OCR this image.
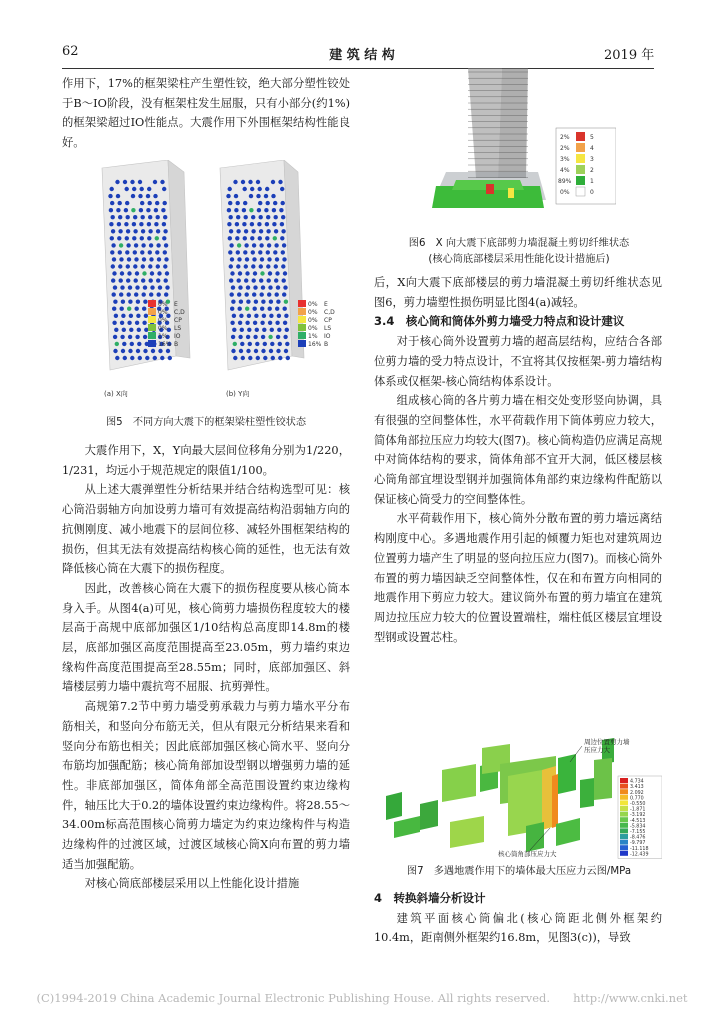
62	建 筑 结 构	2019 年

作用下，17%的框架梁柱产生塑性铰，绝大部分塑性铰处于B～IO阶段，没有框架柱发生屈服，只有小部分(约1%)的框架梁超过IO性能点。大震作用下外围框架结构性能良好。

0%
0%
0%
0%
1%
16%
E
C,D
CP
LS
IO
B
(a) X向
0%
0%
0%
0%
1%
16%
E
C,D
CP
LS
IO
B
(b) Y向
图5　不同方向大震下的框架梁柱塑性铰状态

大震作用下，X，Y向最大层间位移角分别为1/220，1/231，均远小于规范规定的限值1/100。

从上述大震弹塑性分析结果并结合结构选型可见：核心筒沿弱轴方向加设剪力墙可有效提高结构沿弱轴方向的抗侧刚度、减小地震下的层间位移、减轻外围框架结构的损伤，但其无法有效提高结构核心筒的延性，也无法有效降低核心筒在大震下的损伤程度。

因此，改善核心筒在大震下的损伤程度要从核心筒本身入手。从图4(a)可见，核心筒剪力墙损伤程度较大的楼层高于高规中底部加强区1/10结构总高度即14.8m的楼层，底部加强区高度范围提高至23.05m，剪力墙约束边缘构件高度范围提高至28.55m；同时，底部加强区、斜墙楼层剪力墙中震抗弯不屈服、抗剪弹性。

高规第7.2节中剪力墙受剪承载力与剪力墙水平分布筋相关，和竖向分布筋无关，但从有限元分析结果来看和竖向分布筋也相关；因此底部加强区核心筒水平、竖向分布筋均加强配筋；核心筒角部加设型钢以增强剪力墙的延性。非底部加强区，简体角部全高范围设置约束边缘构件，轴压比大于0.2的墙体设置约束边缘构件。将28.55～34.00m标高范围核心筒剪力墙定为约束边缘构件与构造边缘构件的过渡区域，过渡区域核心筒X向布置的剪力墙适当加强配筋。

对核心筒底部楼层采用以上性能化设计措施

2%
2%
3%
4%
89%
0%
5
4
3
2
1
0
图6　X 向大震下底部剪力墙混凝土剪切纤维状态
(核心筒底部楼层采用性能化设计措施后)

后，X向大震下底部楼层的剪力墙混凝土剪切纤维状态见图6，剪力墙塑性损伤明显比图4(a)减轻。

3.4　核心筒和筒体外剪力墙受力特点和设计建议

对于核心筒外设置剪力墙的超高层结构，应结合各部位剪力墙的受力特点设计，不宜将其仅按框架-剪力墙结构体系或仅框架-核心筒结构体系设计。

组成核心筒的各片剪力墙在相交处变形竖向协调，具有很强的空间整体性，水平荷载作用下筒体剪应力较大，简体角部拉压应力均较大(图7)。核心筒构造仍应满足高规中对筒体结构的要求，筒体角部不宜开大洞，低区楼层核心筒角部宜埋设型钢并加强筒体角部约束边缘构件配筋以保证核心筒受力的空间整体性。

水平荷载作用下，核心筒外分散布置的剪力墙远离结构刚度中心。多遇地震作用引起的倾覆力矩也对建筑周边位置剪力墙产生了明显的竖向拉压应力(图7)。而核心筒外布置的剪力墙因缺乏空间整体性，仅在和布置方向相同的地震作用下剪应力较大。建议筒外布置的剪力墙宜在建筑周边拉压应力较大的位置设置端柱，端柱低区楼层宜埋设型钢或设置芯柱。

周边位置剪力墙
压应力大
核心筒角部压应力大
4.734
3.413
2.092
0.770
-0.550
-1.871
-3.192
-4.513
-5.834
-7.155
-8.476
-9.797
-11.118
-12.439
图7　多遇地震作用下的墙体最大压应力云图/MPa

4　转换斜墙分析设计

建筑平面核心筒偏北(核心筒距北侧外框架约10.4m，距南侧外框架约16.8m，见图3(c))，导致

(C)1994-2019 China Academic Journal Electronic Publishing House. All rights reserved.　　http://www.cnki.net
